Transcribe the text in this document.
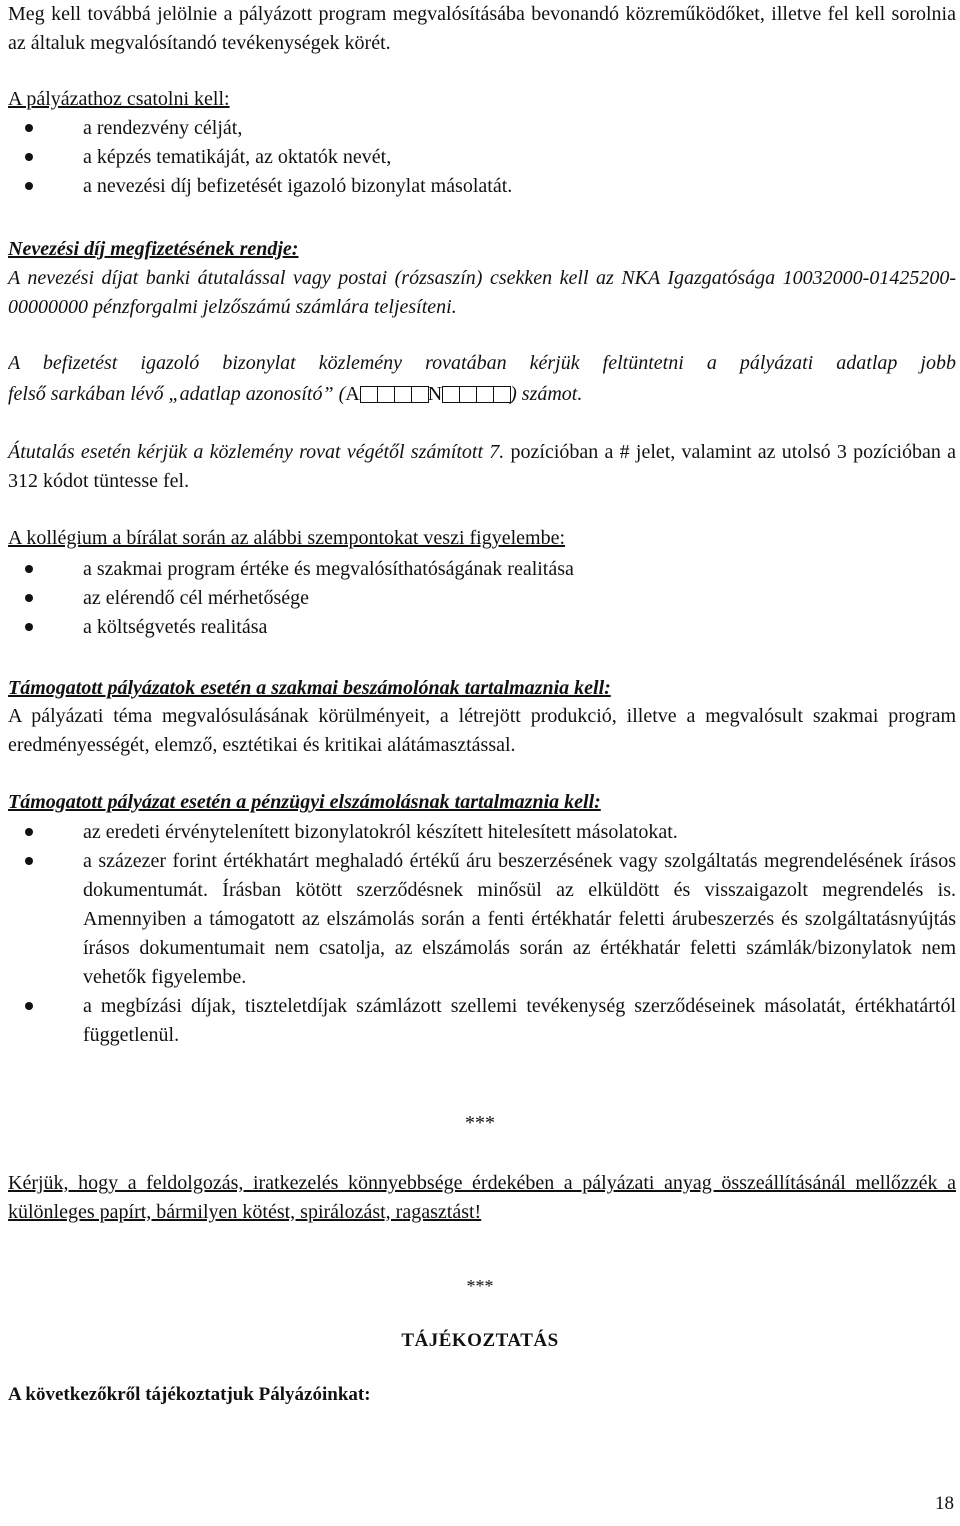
Meg kell továbbá jelölnie a pályázott program megvalósításába bevonandó közreműködőket, illetve fel kell sorolnia az általuk megvalósítandó tevékenységek körét.

A pályázathoz csatolni kell:

a rendezvény célját,
a képzés tematikáját, az oktatók nevét,
a nevezési díj befizetését igazoló bizonylat másolatát.

Nevezési díj megfizetésének rendje:

A nevezési díjat banki átutalással vagy postai (rózsaszín) csekken kell az NKA Igazgatósága 10032000-01425200-00000000 pénzforgalmi jelzőszámú számlára teljesíteni.

A befizetést igazoló bizonylat közlemény rovatában kérjük feltüntetni a pályázati adatlap jobb

felső sarkában lévő „adatlap azonosító” (A	N	) számot.

Átutalás esetén kérjük a közlemény rovat végétől számított 7. pozícióban a # jelet, valamint az utolsó 3 pozícióban a 312 kódot tüntesse fel.

A kollégium a bírálat során az alábbi szempontokat veszi figyelembe:

a szakmai program értéke és megvalósíthatóságának realitása
az elérendő cél mérhetősége
a költségvetés realitása

Támogatott pályázatok esetén a szakmai beszámolónak tartalmaznia kell:

A pályázati téma megvalósulásának körülményeit, a létrejött produkció, illetve a megvalósult szakmai program eredményességét, elemző, esztétikai és kritikai alátámasztással.

Támogatott pályázat esetén a pénzügyi elszámolásnak tartalmaznia kell:

az eredeti érvénytelenített bizonylatokról készített hitelesített másolatokat.
a százezer forint értékhatárt meghaladó értékű áru beszerzésének vagy szolgáltatás megrendelésének írásos dokumentumát. Írásban kötött szerződésnek minősül az elküldött és visszaigazolt megrendelés is. Amennyiben a támogatott az elszámolás során a fenti értékhatár feletti árubeszerzés és szolgáltatásnyújtás írásos dokumentumait nem csatolja, az elszámolás során az értékhatár feletti számlák/bizonylatok nem vehetők figyelembe.
a megbízási díjak, tiszteletdíjak számlázott szellemi tevékenység szerződéseinek másolatát, értékhatártól függetlenül.
***

Kérjük, hogy a feldolgozás, iratkezelés könnyebbsége érdekében a pályázati anyag összeállításánál mellőzzék a különleges papírt, bármilyen kötést, spirálozást, ragasztást!

***
TÁJÉKOZTATÁS
A következőkről tájékoztatjuk Pályázóinkat:
18
